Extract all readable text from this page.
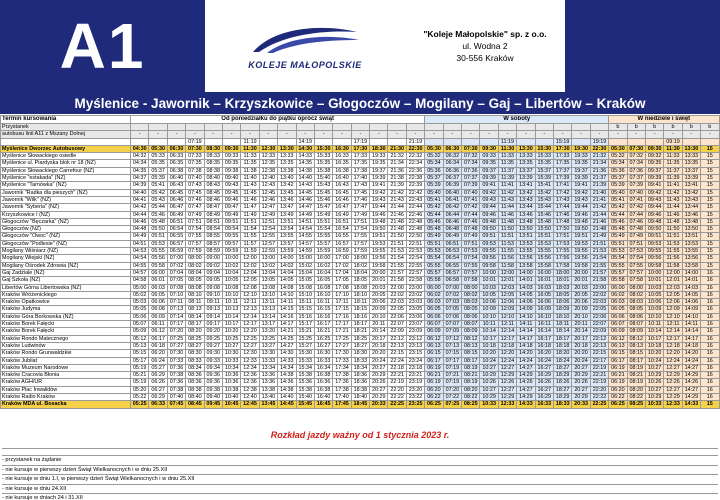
A1	KOLEJE MAŁOPOLSKIE
"Koleje Małopolskie" sp. z o.o.
ul. Wodna 2
30-556 Kraków
Myślenice - Jawornik – Krzyszkowice – Głogoczów – Mogilany – Gaj – Libertów – Kraków
Termin kursowania	Od poniedziałku do piątku oprócz świąt																W soboty										W niedziele i święt					
Przystanek																											b	b	b	b	b	b
autobusu linii A11 z Mszany Dolnej	-	-	-	-	-	-	-	-	-	-	-	-	-	-	-	-	-	-	-	-	-	-	-	-	-	-	-	-	-	-	-	-
				07:19			11:19			14:19			17:19			21:19					11:19			15:19		19:19				09:19		
Myślenice Dworzec Autobusowy	04:30	05:30	06:30	07:30	08:30	09:30	11:30	12:30	13:30	14:30	15:30	16:30	17:30	18:30	21:30	22:30	05:30	06:30	07:30	09:30	11:30	13:30	15:30	17:30	19:30	22:30	05:30	07:30	09:30	11:30	13:30	15
Myślenice Słowackiego osiedle	04:32	05:33	06:33	07:33	08:33	09:33	11:33	12:33	13:33	14:33	15:33	16:33	17:33	19:33	21:32	22:32	05:32	06:32	07:32	09:33	11:33	13:33	15:33	17:33	19:33	21:32	05:32	07:32	09:32	11:33	13:33	15
Myślenice ul. Piardyska blok nr 18 (NŻ)	04:34	05:35	06:35	07:35	08:35	09:35	11:35	12:35	13:35	14:35	15:35	16:35	17:35	19:35	21:34	22:34	05:34	06:34	07:34	09:35	11:35	13:35	15:35	17:35	19:35	21:34	05:34	07:34	09:35	11:35	13:35	15
Myślenice Słowackiego Carrefour (NŻ)	04:35	05:37	06:38	07:38	08:38	09:38	11:38	12:38	13:38	14:38	15:38	16:38	17:38	19:37	21:36	22:36	05:36	06:36	07:36	09:37	11:37	13:37	15:37	17:37	19:37	21:36	05:36	07:36	09:37	11:37	13:37	15
Myślenice "estakada" (NŻ)	04:37	05:39	06:40	07:40	08:40	09:40	11:40	12:40	13:40	14:40	15:40	16:40	17:40	19:39	21:38	22:38	05:37	06:37	07:37	09:39	11:39	13:39	15:39	17:39	19:39	21:37	05:37	07:37	09:39	11:39	13:39	15
Myślenice "Tarnówka" (NŻ)	04:39	05:41	06:43	07:43	08:43	09:43	11:43	12:43	13:42	14:43	15:43	16:43	17:43	19:41	21:39	22:39	05:39	06:39	07:39	09:41	11:41	13:41	15:41	17:41	19:41	21:39	05:39	07:39	09:41	11:41	13:41	15
Jawornik "Radka dla pieszych" (NŻ)	04:40	05:42	06:45	07:45	08:45	09:45	11:45	12:45	13:45	14:45	15:45	16:45	17:45	19:42	21:42	22:42	05:40	06:40	07:40	09:42	11:42	13:42	15:42	17:42	19:42	21:40	05:40	07:40	09:42	11:42	13:42	15
Jawornik "Wilk" (NŻ)	04:41	05:43	06:46	07:46	08:46	09:46	11:46	12:46	13:46	14:46	15:46	16:46	17:46	19:43	21:43	22:43	05:41	06:41	07:41	09:43	11:43	13:43	15:43	17:43	19:43	21:41	05:41	07:41	09:43	11:43	13:43	15
Jawornik "Syberia" (NŻ)	04:42	05:44	06:47	07:47	08:47	09:47	11:47	12:47	13:47	14:47	15:47	16:47	17:47	19:44	21:44	22:44	05:42	06:42	07:42	09:44	11:44	13:44	15:44	17:44	19:44	21:42	05:42	07:42	09:44	11:44	13:44	15
Krzyszkowice I (NŻ)	04:44	05:46	06:49	07:49	08:49	09:49	11:49	12:49	13:49	14:49	15:49	16:49	17:49	19:46	21:46	22:46	05:44	06:44	07:44	09:46	11:46	13:46	15:46	17:46	19:46	21:44	05:44	07:44	09:46	11:46	13:46	15
Głogoczów "Bęczarka" (NŻ)	04:46	05:48	06:51	07:51	08:51	09:51	11:51	12:51	13:51	14:51	15:51	16:51	17:51	19:48	21:48	22:48	05:46	06:46	07:46	09:48	11:48	13:48	15:48	17:48	19:48	21:46	05:46	07:46	09:48	11:48	13:48	15
Głogoczów (NŻ)	04:48	05:50	06:54	07:54	08:54	09:54	11:54	12:54	13:54	14:54	15:54	16:54	17:54	19:50	21:48	22:48	05:48	06:48	07:48	09:50	11:50	13:50	15:50	17:50	19:50	21:48	05:48	07:48	09:50	11:50	13:50	15
Głogoczów "Owoc" (NŻ)	04:49	05:51	06:55	07:55	08:55	09:55	11:55	12:55	13:55	14:55	15:55	16:55	17:55	19:51	21:50	22:50	05:49	06:49	07:49	09:51	11:51	13:51	15:51	17:51	19:51	21:49	05:49	07:49	09:51	11:51	13:51	15
Głogoczów "Podlesie" (NŻ)	04:51	05:53	06:57	07:57	08:57	09:57	11:57	12:57	13:57	14:57	15:57	16:57	17:57	19:53	21:51	22:51	05:51	06:51	07:51	09:53	11:53	13:53	15:53	17:53	19:53	21:51	05:51	07:51	09:53	11:53	13:53	15
Mogilany Wiśniarz (NŻ)	04:53	05:55	06:59	07:59	08:59	09:59	11:59	12:59	13:59	14:59	15:59	16:59	17:59	19:55	21:53	22:53	05:53	06:53	07:53	09:55	11:55	13:55	15:55	17:55	19:55	21:53	05:53	07:53	09:55	11:55	13:55	15
Mogilany Wiejski (NŻ)	04:54	05:56	07:00	08:00	09:00	10:00	12:00	13:00	14:00	15:00	16:00	17:00	18:00	19:56	21:54	22:54	05:54	06:54	07:54	09:56	11:56	13:56	15:56	17:56	19:56	21:54	05:54	07:54	09:56	11:56	13:56	15
Mogilany Ośrodek Zdrowia (NŻ)	04:55	05:58	07:02	08:02	09:02	10:02	12:02	13:02	14:02	15:02	16:02	17:02	18:02	19:58	21:55	22:55	05:55	06:55	07:55	09:58	11:58	13:58	15:58	17:58	19:58	21:55	05:55	07:55	09:58	11:58	13:58	15
Gaj Zadziale (NŻ)	04:57	06:00	07:04	08:04	09:04	10:04	12:04	13:04	14:04	15:04	16:04	17:04	18:04	20:00	21:57	22:57	05:57	06:57	07:57	10:00	12:00	14:00	16:00	18:00	20:00	21:57	05:57	07:57	10:00	12:00	14:00	16
Gaj Szkoła (NŻ)	04:58	06:01	07:05	08:05	09:05	10:05	12:05	13:05	14:05	15:05	16:05	17:05	18:05	20:01	21:58	22:58	05:58	06:58	07:58	10:01	12:01	14:01	16:01	18:01	20:01	21:58	05:58	07:58	10:01	12:01	14:01	16
Libertów Górna Libertowska (NŻ)	05:00	06:03	07:08	08:08	09:08	10:08	12:08	13:08	14:08	15:08	16:08	17:08	18:08	20:03	22:00	23:00	06:00	07:00	08:00	10:03	12:03	14:03	16:03	18:03	20:03	22:00	06:00	08:00	10:03	12:03	14:03	16
Kraków Wróżenickiego	05:02	06:05	07:10	08:10	09:10	10:10	12:10	13:10	14:10	15:10	16:10	17:10	18:10	20:05	22:02	23:02	06:02	07:02	08:02	10:05	12:05	14:05	16:05	18:05	20:05	22:02	06:02	08:02	10:05	12:05	14:05	16
Kraków Opatkowice	05:03	06:06	07:11	08:11	09:11	10:11	12:11	13:11	14:11	15:11	16:11	17:11	18:11	20:06	22:03	23:03	06:03	07:03	08:03	10:06	12:06	14:06	16:06	18:06	20:06	22:03	06:03	08:03	10:06	12:06	14:06	16
Kraków Judyma	05:05	06:08	07:13	08:13	09:13	10:13	12:13	13:13	14:15	15:15	16:15	17:15	18:15	20:09	22:05	23:05	06:05	07:05	08:05	10:09	12:09	14:09	16:09	18:09	20:09	22:05	06:05	08:05	10:09	12:09	14:09	16
Kraków Góra Borkowska (NŻ)	05:06	06:09	07:14	08:14	09:14	10:14	12:14	13:14	14:16	15:16	16:16	17:16	18:16	20:10	22:06	23:06	06:06	07:06	08:06	10:10	12:10	14:10	16:10	18:10	20:10	22:06	06:06	08:06	10:10	12:10	14:10	16
Kraków Borek Fałęcki	05:07	06:11	07:17	08:17	09:17	10:17	12:17	13:17	14:17	15:17	16:17	17:17	18:17	20:11	22:07	23:07	06:07	07:07	08:07	10:11	12:11	14:11	16:11	18:11	20:11	22:07	06:07	08:07	10:11	12:11	14:11	16
Kraków Borek Fałęcki	05:09	06:12	07:20	08:20	09:20	10:20	12:20	13:20	14:21	15:21	16:21	17:21	18:21	20:14	22:09	23:09	06:09	07:09	08:09	10:14	12:14	14:14	16:14	18:14	20:14	22:09	06:09	08:09	10:14	12:14	14:14	16
Kraków Rondo Matecznego	05:12	06:17	07:25	08:25	09:25	10:25	12:25	13:25	14:25	15:25	16:25	17:25	18:25	20:17	22:12	23:12	06:12	07:12	08:12	10:17	12:17	14:17	16:17	18:17	20:17	22:12	06:12	08:12	10:17	12:17	14:17	16
Kraków Ludwinów	05:13	06:18	07:27	08:27	09:27	10:27	12:27	13:27	14:27	15:27	16:27	17:27	18:27	20:18	22:13	23:13	06:13	07:13	08:13	10:18	12:18	14:18	16:18	18:18	20:18	22:13	06:13	08:13	10:18	12:18	14:18	16
Kraków Rondo Grunwaldzkie	05:15	06:20	07:30	08:30	09:30	10:30	12:30	13:30	14:30	15:30	16:30	17:30	18:30	20:20	22:15	23:15	06:15	07:15	08:15	10:20	12:20	14:20	16:20	18:20	20:20	22:15	06:15	08:15	10:20	12:20	14:20	16
Kraków Jubilat	05:17	06:24	07:33	08:33	09:33	10:33	12:33	13:33	14:33	15:33	16:33	17:33	18:33	20:24	22:24	23:24	06:17	07:17	08:17	10:24	12:24	14:24	16:24	18:24	20:24	22:17	06:17	08:17	10:24	12:24	14:24	16
Kraków Muzeum Narodowe	05:19	05:27	07:36	08:34	09:34	10:34	12:34	13:34	14:34	15:34	16:34	17:34	18:34	20:27	22:18	23:18	06:19	07:19	08:19	10:27	12:27	14:27	16:27	18:27	20:27	22:19	06:19	08:19	10:27	12:27	14:27	16
Kraków Cracovia Błonia	05:21	06:29	07:38	08:36	09:36	10:36	12:36	13:36	14:38	15:38	16:38	17:38	18:36	20:29	22:21	23:21	06:21	07:21	08:21	10:29	12:29	14:29	16:29	18:29	20:29	22:21	06:21	08:21	10:29	12:29	14:29	16
Kraków AGH/UR	05:19	06:26	07:36	08:36	09:36	10:36	12:36	13:36	14:36	15:36	16:36	17:36	18:36	20:26	22:19	23:19	06:19	07:19	08:19	10:26	12:26	14:26	16:26	18:26	20:26	22:19	06:19	08:19	10:26	12:26	14:26	16
Kraków Plac Inwalidów	05:20	06:27	07:38	08:38	09:38	10:38	12:38	13:38	14:38	15:38	16:38	17:38	18:38	20:27	22:20	23:20	06:20	07:20	08:20	10:27	12:27	14:27	16:27	18:27	20:27	22:20	06:20	08:20	10:27	12:27	14:27	16
Kraków Radio Kraków	05:22	06:29	07:40	08:40	09:40	10:40	12:40	13:40	14:40	15:40	16:40	17:40	18:40	20:29	22:22	23:22	06:22	07:22	08:22	10:29	12:29	14:29	16:29	18:29	20:29	22:22	06:22	08:22	10:29	12:29	14:29	16
Kraków MDA ul. Bosacka	05:25	06:33	07:45	08:45	09:45	10:45	12:45	13:45	14:45	15:45	16:45	17:45	18:45	20:33	22:25	23:25	06:25	07:25	08:25	10:33	12:33	14:33	16:33	18:33	20:33	22:25	06:25	08:25	10:33	12:33	14:33	15
Rozkład jazdy ważny od 1 stycznia 2023 r.
- przystanek na żądanie
- nie kursuje w pierwszy dzień Świąt Wielkanocnych i w dniu 25.XII
- nie kursuje w dniu 1.I, w pierwszy dzień Świąt Wielkanocnych i w dniu 25.XII
- nie kursuje w dniu 24.XII
- nie kursuje w dniach 24 i 31.XII
